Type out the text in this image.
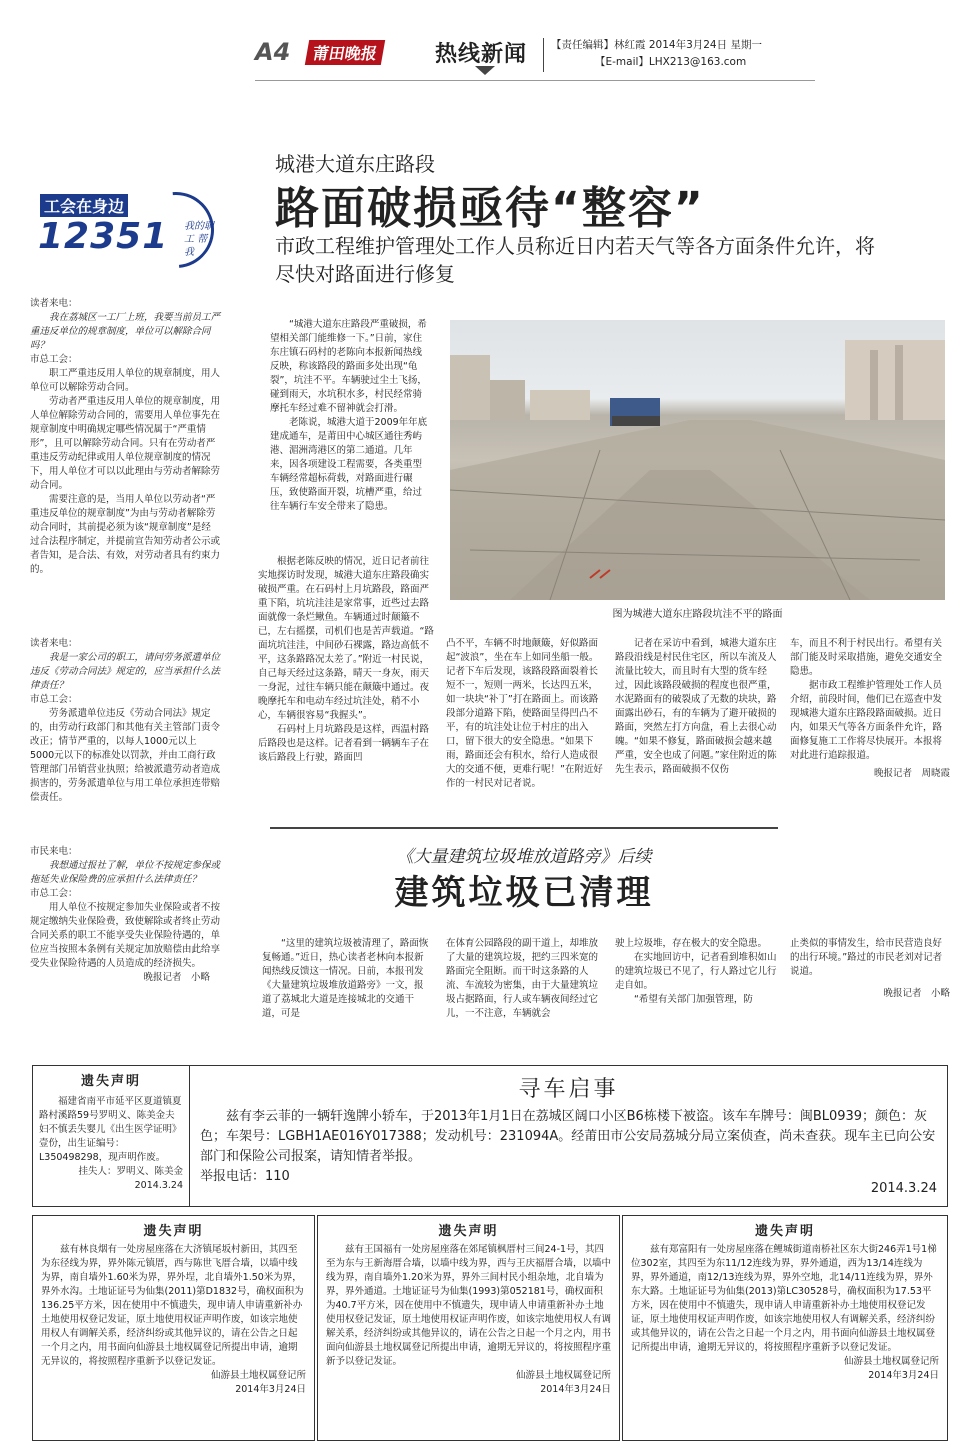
A4	莆田晚报	热线新闻 【责任编辑】林红霞 2014年3月24日 星期一
【E-mail】LHX213@163.com
工会在身边
12351 我的职工 帮我
城港大道东庄路段
路面破损亟待“整容”
市政工程维护管理处工作人员称近日内若天气等各方面条件允许，将尽快对路面进行修复

读者来电：

我在荔城区一工厂上班，我要当前员工严重违反单位的规章制度，单位可以解除合同吗？

市总工会：

职工严重违反用人单位的规章制度，用人单位可以解除劳动合同。

劳动者严重违反用人单位的规章制度，用人单位解除劳动合同的，需要用人单位事先在规章制度中明确规定哪些情况属于“严重情形”，且可以解除劳动合同。只有在劳动者严重违反劳动纪律或用人单位规章制度的情况下，用人单位才可以以此理由与劳动者解除劳动合同。

需要注意的是，当用人单位以劳动者“严重违反单位的规章制度”为由与劳动者解除劳动合同时，其前提必须为该“规章制度”是经过合法程序制定，并提前宣告知劳动者公示或者告知，是合法、有效，对劳动者具有约束力的。

读者来电：

我是一家公司的职工，请问劳务派遣单位违反《劳动合同法》规定的，应当承担什么法律责任？

市总工会：

劳务派遣单位违反《劳动合同法》规定的，由劳动行政部门和其他有关主管部门责令改正；情节严重的，以每人1000元以上5000元以下的标准处以罚款，并由工商行政管理部门吊销营业执照；给被派遣劳动者造成损害的，劳务派遣单位与用工单位承担连带赔偿责任。

市民来电：

我想通过报社了解，单位不按规定参保或拖延失业保险费的应承担什么法律责任？

市总工会：

用人单位不按规定参加失业保险或者不按规定缴纳失业保险费，致使解除或者终止劳动合同关系的职工不能享受失业保险待遇的，单位应当按照本条例有关规定加放赔偿由此给享受失业保险待遇的人员造成的经济损失。

晚报记者　小略

“城港大道东庄路段严重破损，希望相关部门能维修一下。”日前，家住东庄镇石码村的老陈向本报新闻热线反映，称该路段的路面多处出现“龟裂”，坑洼不平。车辆驶过尘土飞扬，碰到雨天，水坑积水多，村民经常骑摩托车经过难不留神就会打滑。

老陈说，城港大道于2009年年底建成通车，是莆田中心城区通往秀屿港、湄洲湾港区的第二通道。几年来，因各项建设工程需要，各类重型车辆经常超标荷载，对路面进行碾压，致使路面开裂，坑槽严重，给过往车辆行车安全带来了隐患。

根据老陈反映的情况，近日记者前往实地探访时发现，城港大道东庄路段确实破损严重。在石码村上月坑路段，路面严重下陷，坑坑洼洼是家常事，近些过去路面就像一条烂鳅鱼。车辆通过时颠簸不已，左右摇摆，司机们也是苦声载道。“路面坑坑洼洼，中间砂石裸露，路边高低不平，这条路路况太差了。”附近一村民说，自己每天经过这条路，晴天一身灰，雨天一身泥，过往车辆只能在颠簸中通过。夜晚摩托车和电动车经过坑洼处，稍不小心，车辆很容易“我握头”。

石码村上月坑路段是这样，西温村路后路段也是这样。记者看到一辆辆车子在该后路段上行驶，路面凹

图为城港大道东庄路段坑洼不平的路面

凸不平，车辆不时地颠簸，好似路面起“波浪”，坐在车上如同坐船一般。记者下车后发现，该路段路面裂着长短不一，短则一两米，长达四五米，如一块块“补丁”打在路面上。而该路段部分道路下陷，使路面呈得凹凸不平，有的坑洼处让位于村庄的出入口，留下很大的安全隐患。“如果下雨，路面还会有积水，给行人造成很大的交通不便，更难行呢！”在附近好作的一村民对记者说。

记者在采访中看到，城港大道东庄路段沿线是村民住宅区，所以车流及人流量比较大，而且时有大型的货车经过，因此该路段破损的程度也很严重，水泥路面有的破裂成了无数的块块，路面露出砂石，有的车辆为了避开破损的路面，突然左打方向盘，看上去很心动魄。“如果不修复，路面破损会越来越严重，安全也成了问题。”家住附近的陈先生表示，路面破损不仅伤

车，而且不利于村民出行。希望有关部门能及时采取措施，避免交通安全隐患。

据市政工程维护管理处工作人员介绍，前段时间，他们已在巡查中发现城港大道东庄路段路面破损。近日内，如果天气等各方面条件允许，路面修复施工工作将尽快展开。本报将对此进行追踪报道。

晚报记者　周晓霞

《大量建筑垃圾堆放道路旁》后续
建筑垃圾已清理

“这里的建筑垃圾被清理了，路面恢复畅通。”近日，热心读者老林向本报新闻热线反馈这一情况。日前，本报刊发《大量建筑垃圾堆放道路旁》一文，报道了荔城北大道是连接城北的交通干道，可是

在体育公园路段的副干道上，却堆放了大量的建筑垃圾，把约三四米宽的路面完全阻断。而干时这条路的人流、车流较为密集，由于大量建筑垃圾占据路面，行人或车辆夜间经过它儿，一不注意，车辆就会

驶上垃圾堆，存在极大的安全隐患。

在实地回访中，记者看到堆积如山的建筑垃圾已不见了，行人路过它儿行走自如。

“希望有关部门加强管理，防

止类似的事情发生，给市民营造良好的出行环境。”路过的市民老刘对记者说道。

晚报记者　小略

遗失声明
福建省南平市延平区夏道镇夏路村溪路59号罗明义、陈美金夫妇不慎丢失婴儿《出生医学证明》壹份，出生证编号：L350498298，现声明作废。
挂失人：罗明义、陈美金
2014.3.24
寻车启事
兹有李云菲的一辆轩逸牌小轿车，于2013年1月1日在荔城区阔口小区B6栋楼下被盗。该车车牌号：闽BL0939；颜色：灰色；车架号：LGBH1AE016Y017388；发动机号：231094A。经莆田市公安局荔城分局立案侦查，尚未查获。现车主已向公安部门和保险公司报案，请知情者举报。
举报电话：110
2014.3.24
遗失声明
兹有林良烟有一处房屋座落在大济镇尾坂村新田，其四至为东径线为界，界外陈元镇厝，西与陈世飞厝合墙，以墙中线为界，南自墙外1.60米为界，界外埕，北自墙外1.50米为界，界外水沟。土地证证号为仙集(2011)第D1832号，确权面积为136.25平方米，因在使用中不慎遗失，现申请人申请重新补办土地使用权登记发证，原土地使用权证声明作废，如该宗地使用权人有调解关系，经济纠纷或其他异议的，请在公告之日起一个月之内，用书面向仙游县土地权属登记所提出申请，逾期无异议的，将按照程序重新予以登记发证。
仙游县土地权属登记所
2014年3月24日
遗失声明
兹有王国福有一处房屋座落在郊尾镇枫厝村三间24-1号，其四至为东与王新海厝合墙，以墙中线为界，西与王庆福厝合墙，以墙中线为界，南自墙外1.20米为界，界外三间村民小组杂地，北自墙为界，界外通道。土地证证号为仙集(1993)第052181号，确权面积为40.7平方米，因在使用中不慎遗失，现申请人申请重新补办土地使用权登记发证，原土地使用权证声明作废，如该宗地使用权人有调解关系，经济纠纷或其他异议的，请在公告之日起一个月之内，用书面向仙游县土地权属登记所提出申请，逾期无异议的，将按照程序重新予以登记发证。
仙游县土地权属登记所
2014年3月24日
遗失声明
兹有郑富阳有一处房屋座落在鲤城街道南桥社区东大街246弄1号1梯位302室，其四至为东11/12连线为界，界外通道，西为13/14连线为界，界外通道，南12/13连线为界，界外空地，北14/11连线为界，界外东大路。土地证证号为仙集(2013)第LC30528号，确权面积为17.53平方米，因在使用中不慎遗失，现申请人申请重新补办土地使用权登记发证，原土地使用权证声明作废，如该宗地使用权人有调解关系，经济纠纷或其他异议的，请在公告之日起一个月之内，用书面向仙游县土地权属登记所提出申请，逾期无异议的，将按照程序重新予以登记发证。
仙游县土地权属登记所
2014年3月24日
